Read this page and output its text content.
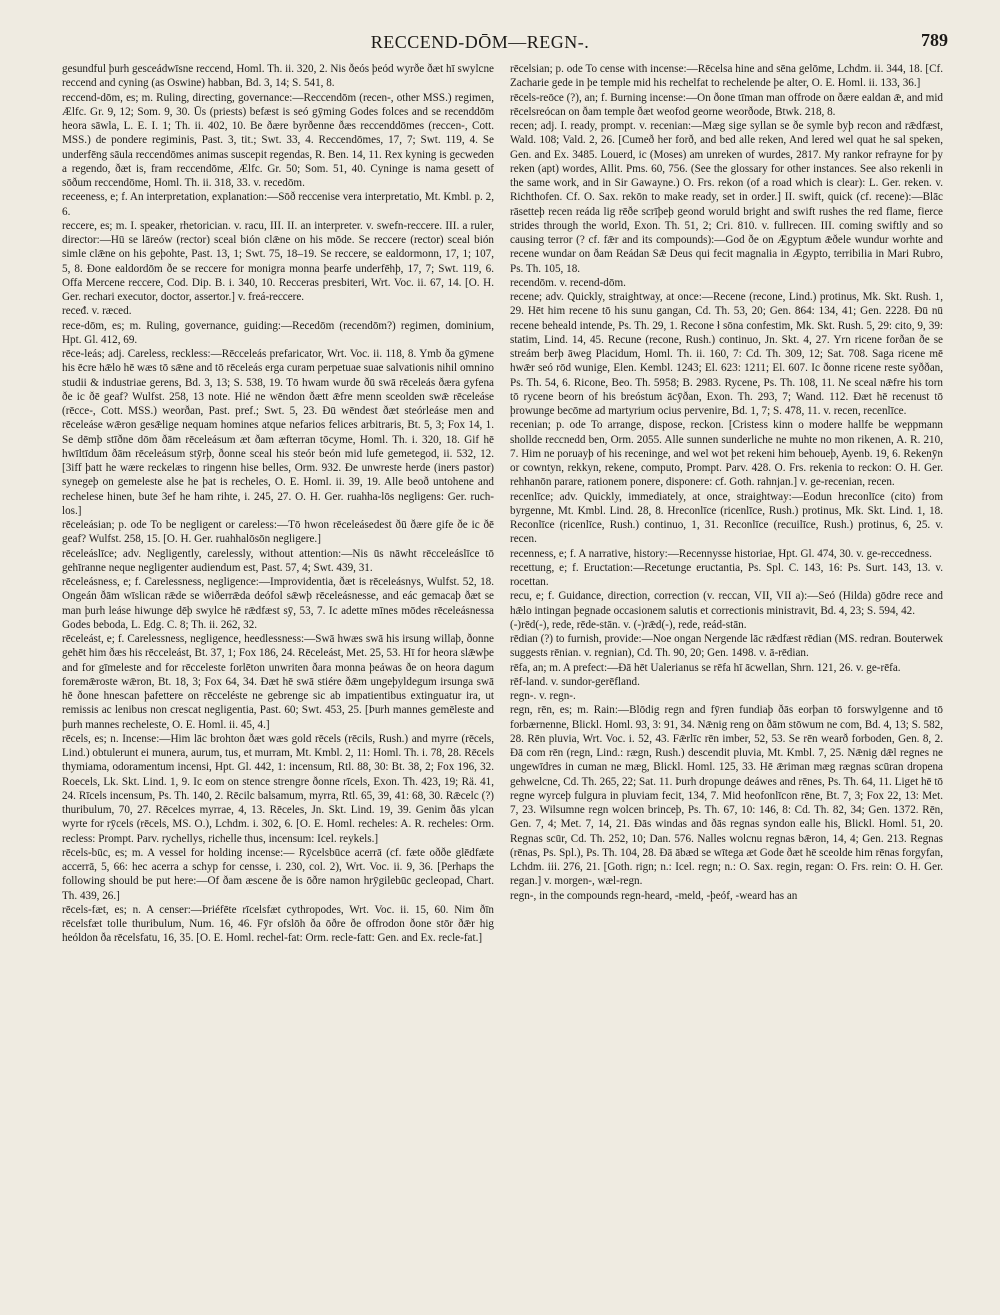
RECCEND-DŌM—REGN-.	789

gesundful þurh gesceádwīsne reccend, Homl. Th. ii. 320, 2. Nis ðeós þeód wyrðe ðæt hī swylcne reccend and cyning (as Oswine) habban, Bd. 3, 14; S. 541, 8.

reccend-dōm, es; m. Ruling, directing, governance:—Reccendōm (recen-, other MSS.) regimen, Ælfc. Gr. 9, 12; Som. 9, 30. Ūs (priests) befæst is seó gȳming Godes folces and se recenddōm heora sāwla, L. E. I. 1; Th. ii. 402, 10. Be ðære byrðenne ðæs reccenddōmes (reccen-, Cott. MSS.) de pondere regiminis, Past. 3, tit.; Swt. 33, 4. Reccendōmes, 17, 7; Swt. 119, 4. Se underfēng sāula reccendōmes animas suscepit regendas, R. Ben. 14, 11. Rex kyning is gecweden a regendo, ðæt is, fram reccendōme, Ælfc. Gr. 50; Som. 51, 40. Cyninge is nama gesett of sōðum reccendōme, Homl. Th. ii. 318, 33. v. recedōm.

receeness, e; f. An interpretation, explanation:—Sōð reccenise vera interpretatio, Mt. Kmbl. p. 2, 6.

reccere, es; m. I. speaker, rhetorician. v. racu, III. II. an interpreter. v. swefn-reccere. III. a ruler, director:—Hū se lāreów (rector) sceal bión clǣne on his mōde. Se reccere (rector) sceal bión simle clǣne on his geþohte, Past. 13, 1; Swt. 75, 18–19. Se reccere, se ealdormonn, 17, 1; 107, 5, 8. Ðone ealdordōm ðe se reccere for monigra monna þearfe underfēhþ, 17, 7; Swt. 119, 6. Offa Mercene reccere, Cod. Dip. B. i. 340, 10. Recceras presbiteri, Wrt. Voc. ii. 67, 14. [O. H. Ger. rechari executor, doctor, assertor.] v. freá-reccere.

receđ. v. ræced.

rece-dōm, es; m. Ruling, governance, guiding:—Recedōm (recendōm?) regimen, dominium, Hpt. Gl. 412, 69.

rēce-leás; adj. Careless, reckless:—Rēcceleás prefaricator, Wrt. Voc. ii. 118, 8. Ymb ða gȳmene his ēcre hǣlo hē wæs tō sǣne and tō rēceleás erga curam perpetuae suae salvationis nihil omnino studii & industriae gerens, Bd. 3, 13; S. 538, 19. Tō hwam wurde ðū swā rēceleás ðæra gyfena ðe ic ðē geaf? Wulfst. 258, 13 note. Hié ne wēndon ðætt ǣfre menn sceolden swǣ rēceleáse (rēcce-, Cott. MSS.) weorðan, Past. pref.; Swt. 5, 23. Ðū wēndest ðæt steórleáse men and rēceleáse wǣron gesǣlige nequam homines atque nefarios felices arbitraris, Bt. 5, 3; Fox 14, 1. Se dēmþ stīðne dōm ðām rēceleásum æt ðam æfterran tōcyme, Homl. Th. i. 320, 18. Gif hē hwīltīdum ðām rēceleásum stȳrþ, ðonne sceal his steór beón mid lufe gemetegod, ii. 532, 12. [3iff þatt he wære reckelæs to ringenn hise belles, Orm. 932. Ðe unwreste herde (iners pastor) synegeþ on gemeleste alse he þat is recheles, O. E. Homl. ii. 39, 19. Alle beoð untohene and rechelese hinen, bute 3ef he ham rihte, i. 245, 27. O. H. Ger. ruahha-lōs negligens: Ger. ruch-los.]

rēceleásian; p. ode To be negligent or careless:—Tō hwon rēceleásedest ðū ðære gife ðe ic ðē geaf? Wulfst. 258, 15. [O. H. Ger. ruahhalōsōn negligere.]

rēceleáslīce; adv. Negligently, carelessly, without attention:—Nis ūs nāwht rēcceleáslīce tō gehīranne neque negligenter audiendum est, Past. 57, 4; Swt. 439, 31.

rēceleásness, e; f. Carelessness, negligence:—Improvidentia, ðæt is rēceleásnys, Wulfst. 52, 18. Ongeán ðām wīslican rǣde se wiðerrǣda deófol sǣwþ rēceleásnesse, and eác gemacaþ ðæt se man þurh leáse hiwunge dēþ swylce hē rǣdfæst sȳ, 53, 7. Ic adette mīnes mōdes rēceleásnessa Godes beboda, L. Edg. C. 8; Th. ii. 262, 32.

rēceleást, e; f. Carelessness, negligence, heedlessness:—Swā hwæs swā his irsung willaþ, ðonne gehēt him ðæs his rēcceleást, Bt. 37, 1; Fox 186, 24. Rēceleást, Met. 25, 53. Hī for heora slǣwþe and for gīmeleste and for rēcceleste forlēton unwriten ðara monna þeáwas ðe on heora dagum foremǣroste wǣron, Bt. 18, 3; Fox 64, 34. Ðæt hē swā stiére ðǣm ungeþyldegum irsunga swā hē ðone hnescan þafettere on rēcceléste ne gebrenge sic ab impatientibus extinguatur ira, ut remissis ac lenibus non crescat negligentia, Past. 60; Swt. 453, 25. [Þurh mannes gemēleste and þurh mannes recheleste, O. E. Homl. ii. 45, 4.]

rēcels, es; n. Incense:—Him lāc brohton ðæt wæs gold rēcels (rēcils, Rush.) and myrre (rēcels, Lind.) obtulerunt ei munera, aurum, tus, et murram, Mt. Kmbl. 2, 11: Homl. Th. i. 78, 28. Rēcels thymiama, odoramentum incensi, Hpt. Gl. 442, 1: incensum, Rtl. 88, 30: Bt. 38, 2; Fox 196, 32. Roecels, Lk. Skt. Lind. 1, 9. Ic eom on stence strengre ðonne rīcels, Exon. Th. 423, 19; Rä. 41, 24. Rīcels incensum, Ps. Th. 140, 2. Rēcilc balsamum, myrra, Rtl. 65, 39, 41: 68, 30. Rǣcelc (?) thuribulum, 70, 27. Rēcelces myrrae, 4, 13. Rēceles, Jn. Skt. Lind. 19, 39. Genim ðās ylcan wyrte for rȳcels (rēcels, MS. O.), Lchdm. i. 302, 6. [O. E. Homl. recheles: A. R. recheles: Orm. recless: Prompt. Parv. rychellys, richelle thus, incensum: Icel. reykels.]

rēcels-būc, es; m. A vessel for holding incense:— Rȳcelsbūce acerrā (cf. fæte oððe glēdfæte accerrā, 5, 66: hec acerra a schyp for censse, i. 230, col. 2), Wrt. Voc. ii. 9, 36. [Perhaps the following should be put here:—Of ðam æscene ðe is ōðre namon hrȳgilebūc gecleopad, Chart. Th. 439, 26.]

rēcels-fæt, es; n. A censer:—Þriéfēte rīcelsfæt cythropodes, Wrt. Voc. ii. 15, 60. Nim ðīn rēcelsfæt tolle thuribulum, Num. 16, 46. Fȳr ofslōh ða ōðre ðe offrodon ðone stōr ðǣr hig heóldon ða rēcelsfatu, 16, 35. [O. E. Homl. rechel-fat: Orm. recle-fatt: Gen. and Ex. recle-fat.]

rēcelsian; p. ode To cense with incense:—Rēcelsa hine and sēna gelōme, Lchdm. ii. 344, 18. [Cf. Zacharie gede in þe temple mid his rechelfat to rechelende þe alter, O. E. Homl. ii. 133, 36.]

rēcels-reōce (?), an; f. Burning incense:—On ðone tīman man offrode on ðære ealdan ǣ, and mid rēcelsreócan on ðam temple ðæt weofod geornе weorðode, Btwk. 218, 8.

recen; adj. I. ready, prompt. v. recenian:—Mæg sige syllan se ðe symle byþ recon and rǣdfæst, Wald. 108; Vald. 2, 26. [Cumeð her forð, and bed alle reken, And lered wel quat he sal speken, Gen. and Ex. 3485. Louerd, ic (Moses) am unreken of wurdes, 2817. My rankor refrayne for þy reken (apt) wordes, Allit. Pms. 60, 756. (See the glossary for other instances. See also rekenli in the same work, and in Sir Gawayne.) O. Frs. rekon (of a road which is clear): L. Ger. reken. v. Richthofen. Cf. O. Sax. rekōn to make ready, set in order.] II. swift, quick (cf. recene):—Blāc rāsetteþ recen reáda lig rēðe scrīþeþ geond woruld bright and swift rushes the red flame, fierce strides through the world, Exon. Th. 51, 2; Cri. 810. v. fullrecen. III. coming swiftly and so causing terror (? cf. fǣr and its compounds):—God ðe on Ægyptum ǣðele wundur worhte and recene wundar on ðam Reádan Sǣ Deus qui fecit magnalia in Ægypto, terribilia in Mari Rubro, Ps. Th. 105, 18.

recendōm. v. recend-dōm.

recene; adv. Quickly, straightway, at once:—Recene (recone, Lind.) protinus, Mk. Skt. Rush. 1, 29. Hēt him recene tō his sunu gangan, Cd. Th. 53, 20; Gen. 864: 134, 41; Gen. 2228. Ðū nū recene beheald intende, Ps. Th. 29, 1. Recone ł sōna confestim, Mk. Skt. Rush. 5, 29: cito, 9, 39: statim, Lind. 14, 45. Recune (recone, Rush.) continuo, Jn. Skt. 4, 27. Yrn ricene forðan ðe se streám berþ āweg Placidum, Homl. Th. ii. 160, 7: Cd. Th. 309, 12; Sat. 708. Saga ricene mē hwǣr seó rōd wunige, Elen. Kembl. 1243; El. 623: 1211; El. 607. Ic ðonne ricene reste syððan, Ps. Th. 54, 6. Ricone, Beo. Th. 5958; B. 2983. Rycene, Ps. Th. 108, 11. Ne sceal nǣfre his torn tō rycene beorn of his breóstum ācȳðan, Exon. Th. 293, 7; Wand. 112. Ðæt hē recenust tō þrowunge becōme ad martyrium ocius pervenire, Bd. 1, 7; S. 478, 11. v. recen, recenlīce.

recenian; p. ode To arrange, dispose, reckon. [Cristess kinn o modere hallfe be weppmann shollde reccnedd ben, Orm. 2055. Alle sunnen sunderliche ne muhte no mon rikenen, A. R. 210, 7. Him ne poruayþ of his receninge, and wel wot þet rekeni him behoueþ, Ayenb. 19, 6. Rekenȳn or cowntyn, rekkyn, rekene, computo, Prompt. Parv. 428. O. Frs. rekenia to reckon: O. H. Ger. rehhanōn parare, rationem ponere, disponere: cf. Goth. rahnjan.] v. ge-recenian, recen.

recenlīce; adv. Quickly, immediately, at once, straightway:—Eodun hreconlīce (cito) from byrgenne, Mt. Kmbl. Lind. 28, 8. Hreconlīce (ricenlīce, Rush.) protinus, Mk. Skt. Lind. 1, 18. Reconlīce (ricenlīce, Rush.) continuo, 1, 31. Reconlīce (recuilīce, Rush.) protinus, 6, 25. v. recen.

recenness, e; f. A narrative, history:—Recennysse historiae, Hpt. Gl. 474, 30. v. ge-reccedness.

recettung, e; f. Eructation:—Recetunge eructantia, Ps. Spl. C. 143, 16: Ps. Surt. 143, 13. v. rocettan.

recu, e; f. Guidance, direction, correction (v. reccan, VII, VII a):—Seó (Hilda) gōdre rece and hǣlo intingan þegnade occasionem salutis et correctionis ministravit, Bd. 4, 23; S. 594, 42.

(-)rēd(-), rede, rēde-stān. v. (-)rǣd(-), rede, reád-stān.

rēdian (?) to furnish, provide:—Noe ongan Nergende lāc rǣdfæst rēdian (MS. redran. Bouterwek suggests rēnian. v. regnian), Cd. Th. 90, 20; Gen. 1498. v. ā-rēdian.

rēfa, an; m. A prefect:—Ðā hēt Ualerianus se rēfa hī ācwellan, Shrn. 121, 26. v. ge-rēfa.

rēf-land. v. sundor-gerēfland.

regn-. v. regn-.

regn, rēn, es; m. Rain:—Blōdig regn and fȳren fundiaþ ðās eorþan tō forswylgenne and tō forbærnenne, Blickl. Homl. 93, 3: 91, 34. Nǣnig reng on ðām stōwum ne com, Bd. 4, 13; S. 582, 28. Rēn pluvia, Wrt. Voc. i. 52, 43. Fǣrlīc rēn imber, 52, 53. Se rēn wearð forboden, Gen. 8, 2. Ðā com rēn (regn, Lind.: rægn, Rush.) descendit pluvia, Mt. Kmbl. 7, 25. Nǣnig dǣl regnes ne ungewīdres in cuman ne mæg, Blickl. Homl. 125, 33. Hē ǣriman mæg rægnas scūran dropena gehwelcne, Cd. Th. 265, 22; Sat. 11. Þurh dropunge deáwes and rēnes, Ps. Th. 64, 11. Liget hē tō regne wyrceþ fulgura in pluviam fecit, 134, 7. Mid heofonlīcon rēne, Bt. 7, 3; Fox 22, 13: Met. 7, 23. Wilsumne regn wolcen brinceþ, Ps. Th. 67, 10: 146, 8: Cd. Th. 82, 34; Gen. 1372. Rēn, Gen. 7, 4; Met. 7, 14, 21. Ðās windas and ðās regnas syndon ealle his, Blickl. Homl. 51, 20. Regnas scūr, Cd. Th. 252, 10; Dan. 576. Nalles wolcnu regnas bǣron, 14, 4; Gen. 213. Regnas (rēnas, Ps. Spl.), Ps. Th. 104, 28. Ðā ābæd se wītega æt Gode ðæt hē sceolde him rēnas forgyfan, Lchdm. iii. 276, 21. [Goth. rign; n.: Icel. regn; n.: O. Sax. regin, regan: O. Frs. rein: O. H. Ger. regan.] v. morgen-, wæl-regn.

regn-, in the compounds regn-heard, -meld, -þeóf, -weard has an
